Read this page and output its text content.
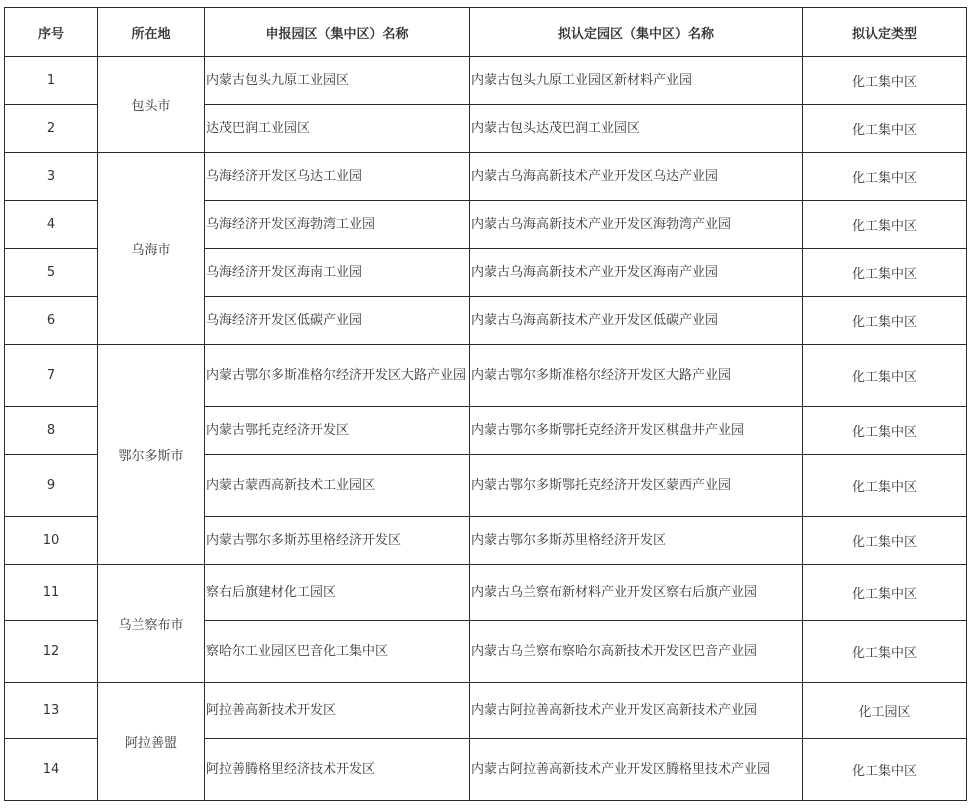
序号	所在地	申报园区（集中区）名称	拟认定园区（集中区）名称	拟认定类型
1	包头市	内蒙古包头九原工业园区	内蒙古包头九原工业园区新材料产业园	化工集中区
2		达茂巴润工业园区	内蒙古包头达茂巴润工业园区	化工集中区
3	乌海市	乌海经济开发区乌达工业园	内蒙古乌海高新技术产业开发区乌达产业园	化工集中区
4		乌海经济开发区海勃湾工业园	内蒙古乌海高新技术产业开发区海勃湾产业园	化工集中区
5		乌海经济开发区海南工业园	内蒙古乌海高新技术产业开发区海南产业园	化工集中区
6		乌海经济开发区低碳产业园	内蒙古乌海高新技术产业开发区低碳产业园	化工集中区
7	鄂尔多斯市	内蒙古鄂尔多斯准格尔经济开发区大路产业园	内蒙古鄂尔多斯准格尔经济开发区大路产业园	化工集中区
8		内蒙古鄂托克经济开发区	内蒙古鄂尔多斯鄂托克经济开发区棋盘井产业园	化工集中区
9		内蒙古蒙西高新技术工业园区	内蒙古鄂尔多斯鄂托克经济开发区蒙西产业园	化工集中区
10		内蒙古鄂尔多斯苏里格经济开发区	内蒙古鄂尔多斯苏里格经济开发区	化工集中区
11	乌兰察布市	察右后旗建材化工园区	内蒙古乌兰察布新材料产业开发区察右后旗产业园	化工集中区
12		察哈尔工业园区巴音化工集中区	内蒙古乌兰察布察哈尔高新技术开发区巴音产业园	化工集中区
13	阿拉善盟	阿拉善高新技术开发区	内蒙古阿拉善高新技术产业开发区高新技术产业园	化工园区
14		阿拉善腾格里经济技术开发区	内蒙古阿拉善高新技术产业开发区腾格里技术产业园	化工集中区
